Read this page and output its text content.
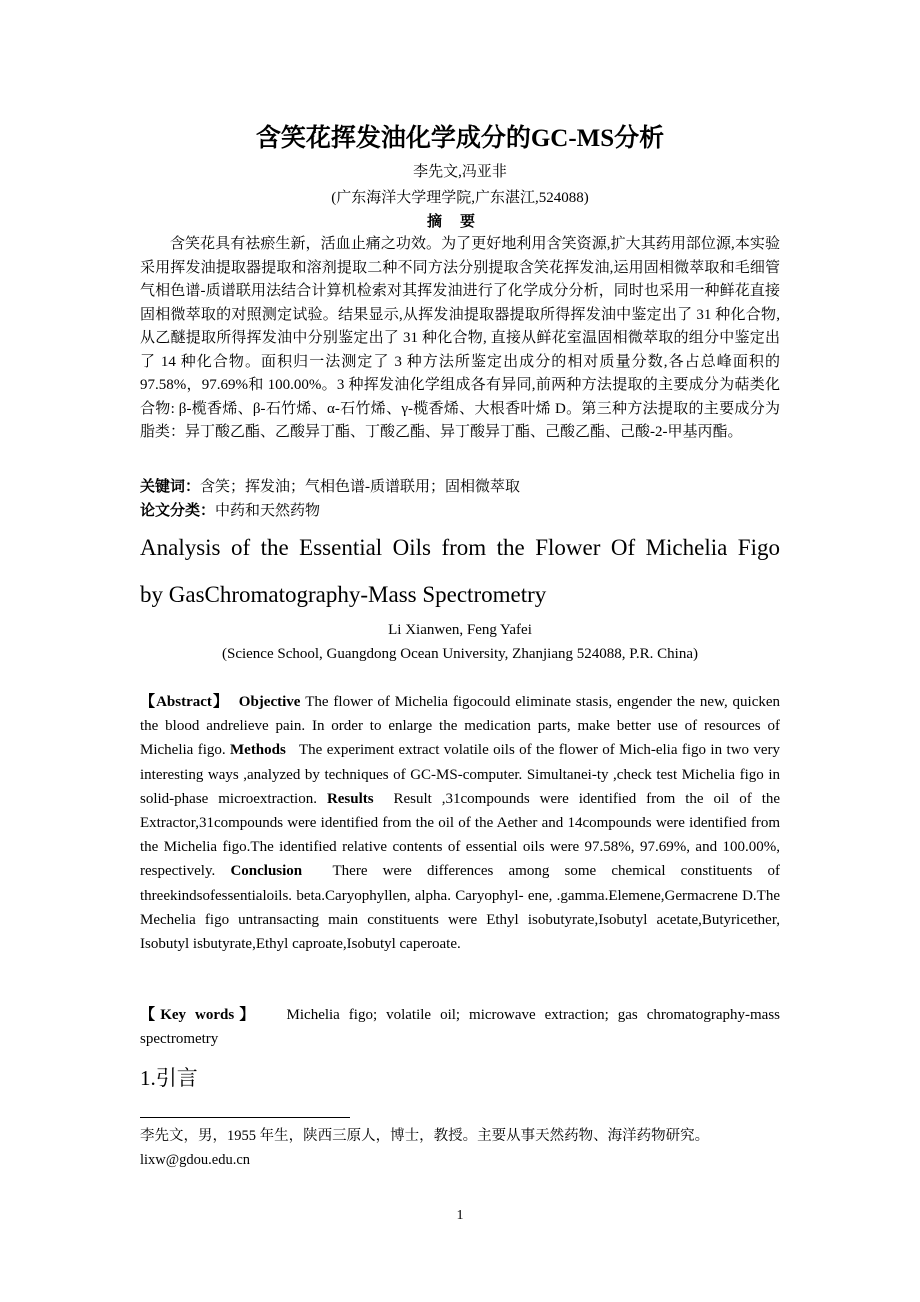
含笑花挥发油化学成分的GC-MS分析
李先文,冯亚非
(广东海洋大学理学院,广东湛江,524088)
摘要

含笑花具有祛瘀生新，活血止痛之功效。为了更好地利用含笑资源,扩大其药用部位源,本实验采用挥发油提取器提取和溶剂提取二种不同方法分别提取含笑花挥发油,运用固相微萃取和毛细管气相色谱-质谱联用法结合计算机检索对其挥发油进行了化学成分分析，同时也采用一种鲜花直接固相微萃取的对照测定试验。结果显示,从挥发油提取器提取所得挥发油中鉴定出了 31 种化合物,从乙醚提取所得挥发油中分别鉴定出了 31 种化合物, 直接从鲜花室温固相微萃取的组分中鉴定出了 14 种化合物。面积归一法测定了 3 种方法所鉴定出成分的相对质量分数,各占总峰面积的 97.58%，97.69%和 100.00%。3 种挥发油化学组成各有异同,前两种方法提取的主要成分为萜类化合物: β-榄香烯、β-石竹烯、α-石竹烯、γ-榄香烯、大根香叶烯 D。第三种方法提取的主要成分为脂类：异丁酸乙酯、乙酸异丁酯、丁酸乙酯、异丁酸异丁酯、己酸乙酯、己酸-2-甲基丙酯。

关键词：含笑；挥发油；气相色谱-质谱联用；固相微萃取
论文分类：中药和天然药物
Analysis of the Essential Oils from the Flower Of Michelia Figo
by GasChromatography-Mass Spectrometry
Li Xianwen, Feng Yafei
(Science School, Guangdong Ocean University, Zhanjiang 524088, P.R. China)

【Abstract】 Objective The flower of Michelia figocould eliminate stasis, engender the new, quicken the blood andrelieve pain. In order to enlarge the medication parts, make better use of resources of Michelia figo. Methods The experiment extract volatile oils of the flower of Mich-elia figo in two very interesting ways ,analyzed by techniques of GC-MS-computer. Simultanei-ty ,check test Michelia figo in solid-phase microextraction. Results Result ,31compounds were identified from the oil of the Extractor,31compounds were identified from the oil of the Aether and 14compounds were identified from the Michelia figo.The identified relative contents of essential oils were 97.58%, 97.69%, and 100.00%, respectively. Conclusion There were differences among some chemical constituents of threekindsofessentialoils. beta.Caryophyllen, alpha. Caryophyl- ene, .gamma.Elemene,Germacrene D.The Mechelia figo untransacting main constituents were Ethyl isobutyrate,Isobutyl acetate,Butyricether, Isobutyl isbutyrate,Ethyl caproate,Isobutyl caperoate.

【Key words】 Michelia figo; volatile oil; microwave extraction; gas chromatography-mass spectrometry

1.引言

李先文，男，1955 年生，陕西三原人，博士，教授。主要从事天然药物、海洋药物研究。lixw@gdou.edu.cn

1
